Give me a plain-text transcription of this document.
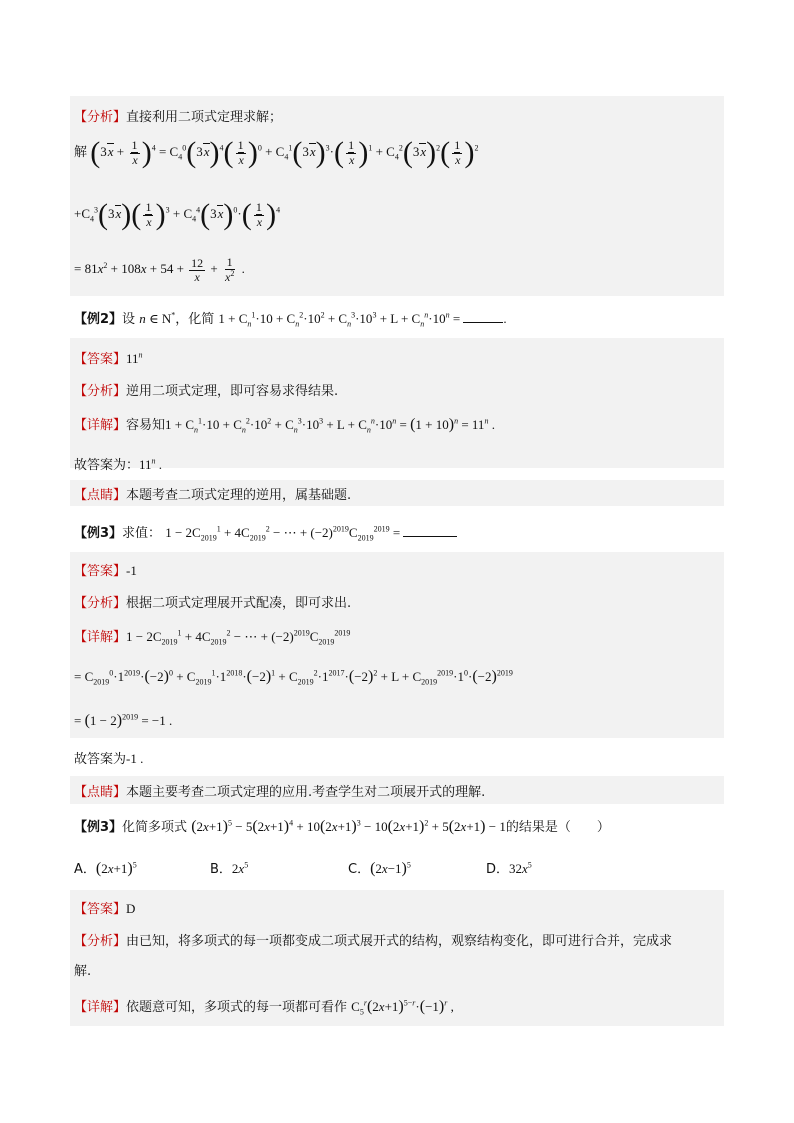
【分析】直接利用二项式定理求解；
解 $(3x + \frac{1}{x} )^4 = C_4^0(3x)^4( \frac{1}{x} )^0 + C_4^1(3x)^3\cdot( \frac{1}{x} )^1 + C_4^2(3x)^2( \frac{1}{x} )^2$
$+C_4^3(3x)( \frac{1}{x} )^3 + C_4^4(3x)^0\cdot( \frac{1}{x} )^4$
= $81x^2 + 108x + 54 + \frac{12}{x} + \frac{1}{x^2}$ .
【例2】设 n ∈ N*，化简 $1 + C_n^1\cdot 10 + C_n^2\cdot 10^2 + C_n^3\cdot 10^3 + L + C_n^n\cdot 10^n$ =	.
【答案】11$^n$
【分析】逆用二项式定理，即可容易求得结果.
【详解】容易知$1 + C_n^1\cdot 10 + C_n^2\cdot 10^2 + C_n^3\cdot 10^3 + L + C_n^n\cdot 10^n = (1 + 10)^n = 11^n$ .
故答案为：11$^n$ .
【点睛】本题考查二项式定理的逆用，属基础题.
【例3】求值： $1 - 2C_{2019}^1 + 4C_{2019}^2$ − ⋯ + $(-2)^{2019}C_{2019}^{2019}$ =
【答案】-1
【分析】根据二项式定理展开式配凑，即可求出.
【详解】$1 - 2C_{2019}^1 + 4C_{2019}^2$ − ⋯ + $(-2)^{2019}C_{2019}^{2019}$
= $C_{2019}^0\cdot 1^{2019}\cdot(-2)^0 + C_{2019}^1\cdot 1^{2018}\cdot(-2)^1 + C_{2019}^2\cdot 1^{2017}\cdot(-2)^2 + L + C_{2019}^{2019}\cdot 1^0\cdot(-2)^{2019}$
= $(1 - 2)^{2019} = -1$ .
故答案为-1 .
【点睛】本题主要考查二项式定理的应用.考查学生对二项展开式的理解.
【例3】化简多项式 $(2x+1)^5 - 5(2x+1)^4 + 10(2x+1)^3 - 10(2x+1)^2 + 5(2x+1) - 1$的结果是（　　）
A．$(2x+1)^5$	B．$2x^5$	C．$(2x-1)^5$	D．$32x^5$
【答案】D
【分析】由已知，将多项式的每一项都变成二项式展开式的结构，观察结构变化，即可进行合并，完成求
解.
【详解】依题意可知，多项式的每一项都可看作 $C_5^r(2x+1)^{5-r}\cdot(-1)^r$ ,
